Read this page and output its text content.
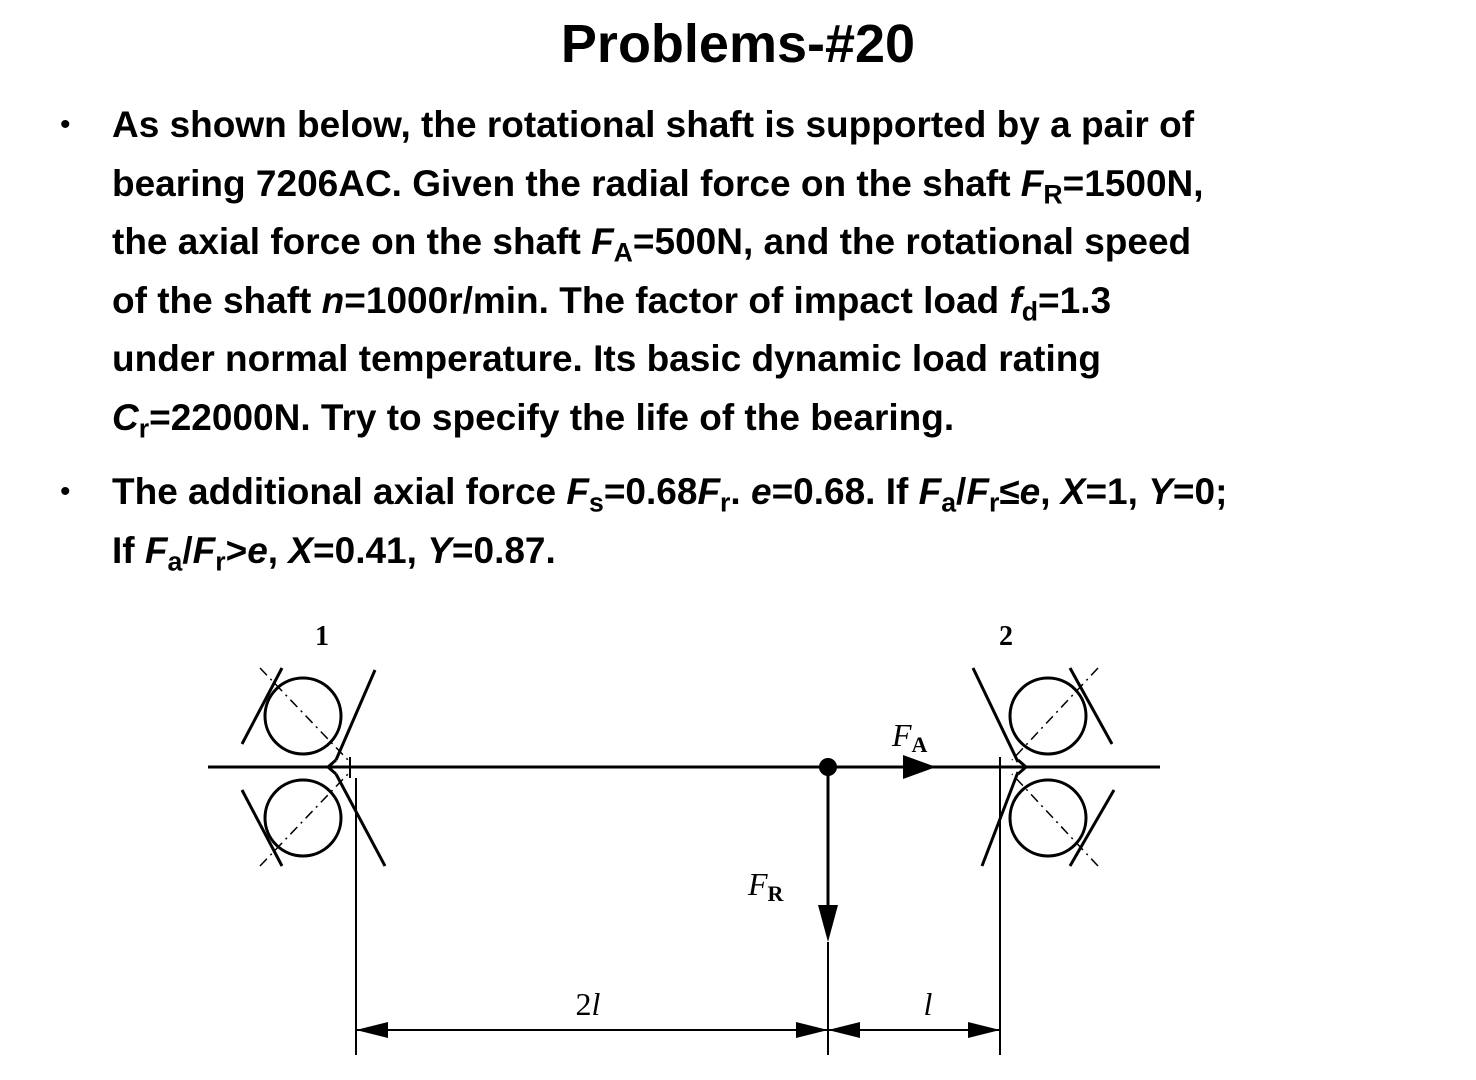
Problems-#20
• As shown below, the rotational shaft is supported by a pair of
bearing 7206AC. Given the radial force on the shaft $F_R=1500N$,
the axial force on the shaft $F_A=500N$, and the rotational speed
of the shaft n=1000r/min. The factor of impact load $f_d=1.3$
under normal temperature. Its basic dynamic load rating
$C_r=22000N$. Try to specify the life of the bearing.
• The additional axial force $F_s=0.68F_r$. e=0.68. If $F_a/F_r\le e$, X=1, Y=0;
If $F_a/F_r>e$, X=0.41, Y=0.87.
1	2
FA
FR
2l	l
